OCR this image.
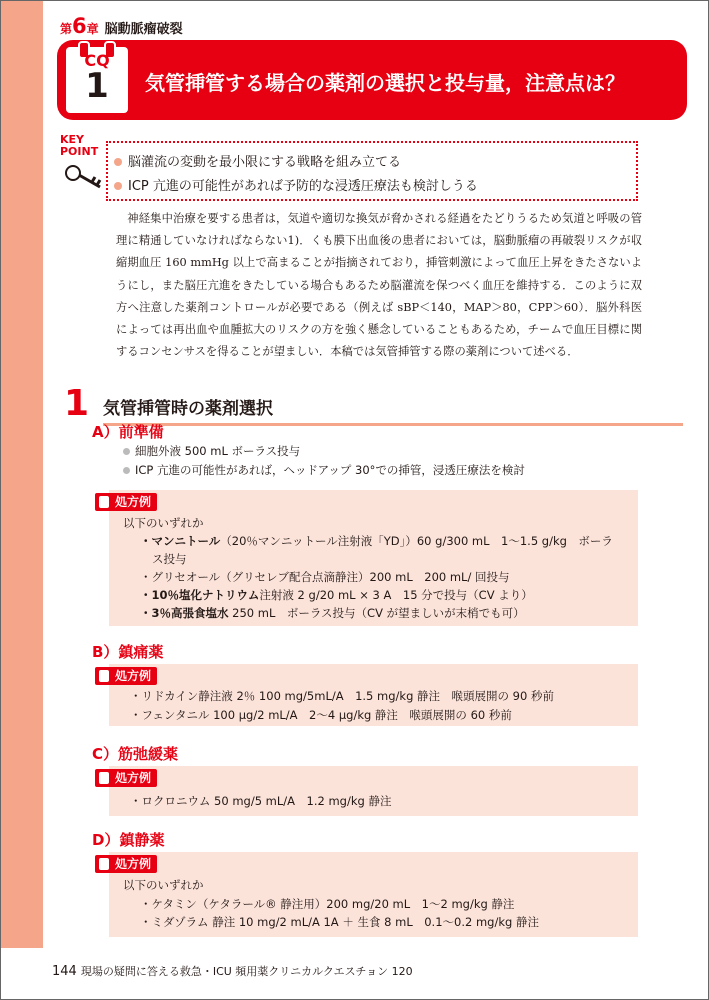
第6章 脳動脈瘤破裂
CQ
1	気管挿管する場合の薬剤の選択と投与量，注意点は？
KEY
POINT
脳灌流の変動を最小限にする戦略を組み立てる
ICP 亢進の可能性があれば予防的な浸透圧療法も検討しうる
神経集中治療を要する患者は，気道や適切な換気が脅かされる経過をたどりうるため気道と呼吸の管理に精通していなければならない1)．くも膜下出血後の患者においては，脳動脈瘤の再破裂リスクが収縮期血圧 160 mmHg 以上で高まることが指摘されており，挿管刺激によって血圧上昇をきたさないようにし，また脳圧亢進をきたしている場合もあるため脳灌流を保つべく血圧を維持する．このように双方へ注意した薬剤コントロールが必要である（例えば sBP＜140，MAP＞80，CPP＞60）．脳外科医によっては再出血や血腫拡大のリスクの方を強く懸念していることもあるため，チームで血圧目標に関するコンセンサスを得ることが望ましい．本稿では気管挿管する際の薬剤について述べる．
1 気管挿管時の薬剤選択
A）前準備
細胞外液 500 mL ボーラス投与
ICP 亢進の可能性があれば，ヘッドアップ 30°での挿管，浸透圧療法を検討
処方例
以下のいずれか
・マンニトール（20％マンニットール注射液「YD」）60 g/300 mL　1～1.5 g/kg　ボーラ
ス投与
・グリセオール（グリセレブ配合点滴静注）200 mL　200 mL/ 回投与
・10％塩化ナトリウム注射液 2 g/20 mL × 3 A　15 分で投与（CV より）
・3％高張食塩水 250 mL　ボーラス投与（CV が望ましいが末梢でも可）
B）鎮痛薬
処方例
・リドカイン静注液 2％ 100 mg/5mL/A　1.5 mg/kg 静注　喉頭展開の 90 秒前
・フェンタニル 100 μg/2 mL/A　2～4 μg/kg 静注　喉頭展開の 60 秒前
C）筋弛緩薬
処方例
・ロクロニウム 50 mg/5 mL/A　1.2 mg/kg 静注
D）鎮静薬
処方例
以下のいずれか
・ケタミン（ケタラール® 静注用）200 mg/20 mL　1～2 mg/kg 静注
・ミダゾラム 静注 10 mg/2 mL/A 1A ＋ 生食 8 mL　0.1～0.2 mg/kg 静注
144 現場の疑問に答える救急・ICU 頻用薬クリニカルクエスチョン 120
